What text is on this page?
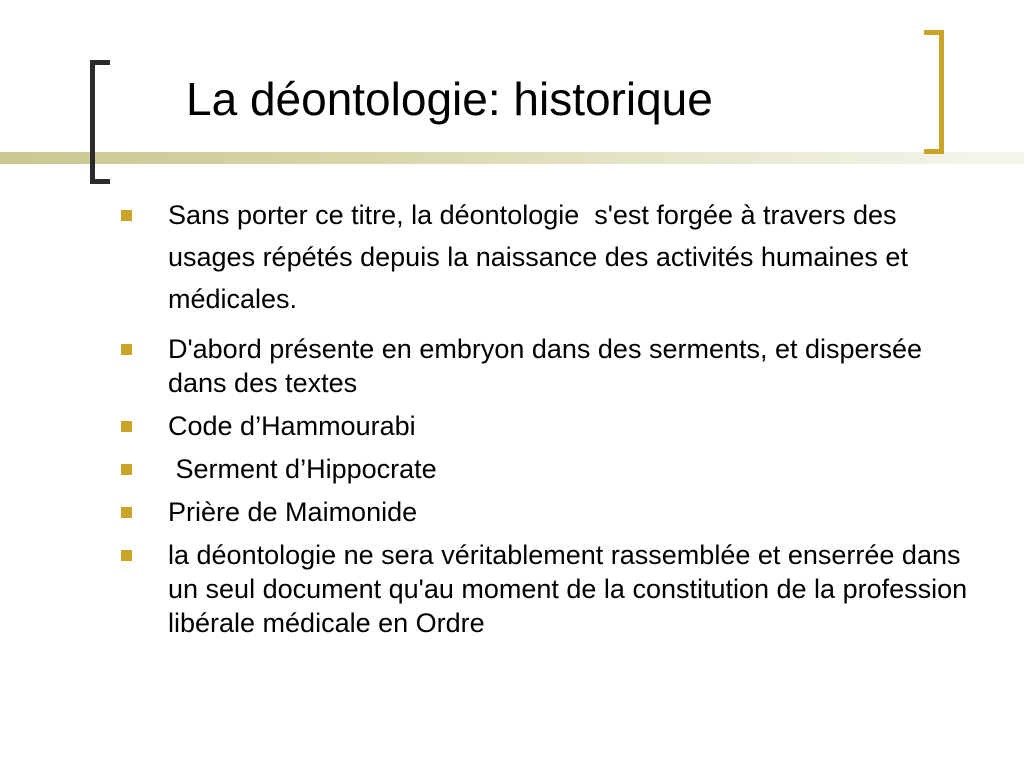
La déontologie: historique
Sans porter ce titre, la déontologie  s'est forgée à travers des usages répétés depuis la naissance des activités humaines et médicales.
D'abord présente en embryon dans des serments, et dispersée dans des textes
Code d’Hammourabi
Serment d’Hippocrate
Prière de Maimonide
la déontologie ne sera véritablement rassemblée et enserrée dans un seul document qu'au moment de la constitution de la profession libérale médicale en Ordre
